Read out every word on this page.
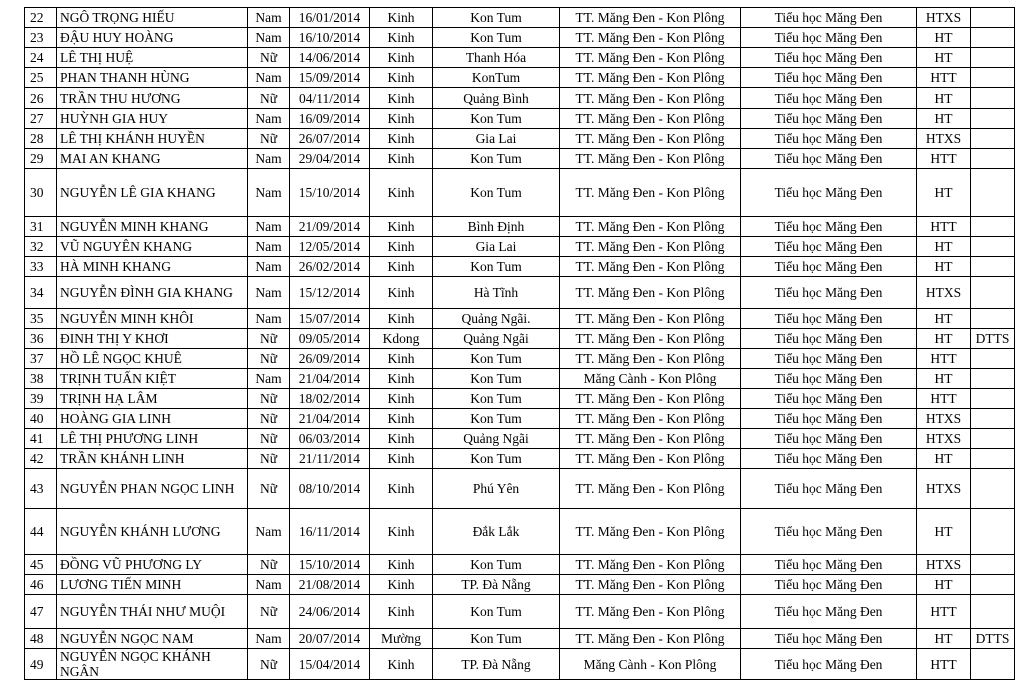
22	NGÔ TRỌNG HIẾU	Nam	16/01/2014	Kinh	Kon Tum	TT. Măng Đen - Kon Plông	Tiểu học Măng Đen	HTXS	
23	ĐẬU HUY HOÀNG	Nam	16/10/2014	Kinh	Kon Tum	TT. Măng Đen - Kon Plông	Tiểu học Măng Đen	HT	
24	LÊ THỊ HUỆ	Nữ	14/06/2014	Kinh	Thanh Hóa	TT. Măng Đen - Kon Plông	Tiểu học Măng Đen	HT	
25	PHAN THANH HÙNG	Nam	15/09/2014	Kinh	KonTum	TT. Măng Đen - Kon Plông	Tiểu học Măng Đen	HTT	
26	TRẦN THU HƯƠNG	Nữ	04/11/2014	Kinh	Quảng Bình	TT. Măng Đen - Kon Plông	Tiểu học Măng Đen	HT	
27	HUỲNH GIA HUY	Nam	16/09/2014	Kinh	Kon Tum	TT. Măng Đen - Kon Plông	Tiểu học Măng Đen	HT	
28	LÊ THỊ KHÁNH HUYỀN	Nữ	26/07/2014	Kinh	Gia Lai	TT. Măng Đen - Kon Plông	Tiểu học Măng Đen	HTXS	
29	MAI AN KHANG	Nam	29/04/2014	Kinh	Kon Tum	TT. Măng Đen - Kon Plông	Tiểu học Măng Đen	HTT	
30	NGUYỄN LÊ GIA KHANG	Nam	15/10/2014	Kinh	Kon Tum	TT. Măng Đen - Kon Plông	Tiểu học Măng Đen	HT	
31	NGUYỄN MINH KHANG	Nam	21/09/2014	Kinh	Bình Định	TT. Măng Đen - Kon Plông	Tiểu học Măng Đen	HTT	
32	VŨ NGUYÊN KHANG	Nam	12/05/2014	Kinh	Gia Lai	TT. Măng Đen - Kon Plông	Tiểu học Măng Đen	HT	
33	HÀ MINH KHANG	Nam	26/02/2014	Kinh	Kon Tum	TT. Măng Đen - Kon Plông	Tiểu học Măng Đen	HT	
34	NGUYỄN ĐÌNH GIA KHANG	Nam	15/12/2014	Kinh	Hà Tĩnh	TT. Măng Đen - Kon Plông	Tiểu học Măng Đen	HTXS	
35	NGUYỄN MINH KHÔI	Nam	15/07/2014	Kinh	Quảng Ngãi.	TT. Măng Đen - Kon Plông	Tiểu học Măng Đen	HT	
36	ĐINH THỊ Y KHƠI	Nữ	09/05/2014	Kdong	Quảng Ngãi	TT. Măng Đen - Kon Plông	Tiểu học Măng Đen	HT	DTTS
37	HỒ LÊ NGỌC KHUÊ	Nữ	26/09/2014	Kinh	Kon Tum	TT. Măng Đen - Kon Plông	Tiểu học Măng Đen	HTT	
38	TRỊNH TUẤN KIỆT	Nam	21/04/2014	Kinh	Kon Tum	Măng Cành - Kon Plông	Tiểu học Măng Đen	HT	
39	TRỊNH HẠ LÂM	Nữ	18/02/2014	Kinh	Kon Tum	TT. Măng Đen - Kon Plông	Tiểu học Măng Đen	HTT	
40	HOÀNG GIA LINH	Nữ	21/04/2014	Kinh	Kon Tum	TT. Măng Đen - Kon Plông	Tiểu học Măng Đen	HTXS	
41	LÊ THỊ PHƯƠNG LINH	Nữ	06/03/2014	Kinh	Quảng Ngãi	TT. Măng Đen - Kon Plông	Tiểu học Măng Đen	HTXS	
42	TRẦN KHÁNH LINH	Nữ	21/11/2014	Kinh	Kon Tum	TT. Măng Đen - Kon Plông	Tiểu học Măng Đen	HT	
43	NGUYỄN PHAN NGỌC LINH	Nữ	08/10/2014	Kinh	Phú Yên	TT. Măng Đen - Kon Plông	Tiểu học Măng Đen	HTXS	
44	NGUYỄN KHÁNH LƯƠNG	Nam	16/11/2014	Kinh	Đắk Lắk	TT. Măng Đen - Kon Plông	Tiểu học Măng Đen	HT	
45	ĐỒNG VŨ PHƯƠNG LY	Nữ	15/10/2014	Kinh	Kon Tum	TT. Măng Đen - Kon Plông	Tiểu học Măng Đen	HTXS	
46	LƯƠNG TIẾN MINH	Nam	21/08/2014	Kinh	TP. Đà Nẵng	TT. Măng Đen - Kon Plông	Tiểu học Măng Đen	HT	
47	NGUYỄN THÁI NHƯ MUỘI	Nữ	24/06/2014	Kinh	Kon Tum	TT. Măng Đen - Kon Plông	Tiểu học Măng Đen	HTT	
48	NGUYỄN NGỌC NAM	Nam	20/07/2014	Mường	Kon Tum	TT. Măng Đen - Kon Plông	Tiểu học Măng Đen	HT	DTTS
49	NGUYỄN NGỌC KHÁNH NGÂN	Nữ	15/04/2014	Kinh	TP. Đà Nẵng	Măng Cành - Kon Plông	Tiểu học Măng Đen	HTT	
